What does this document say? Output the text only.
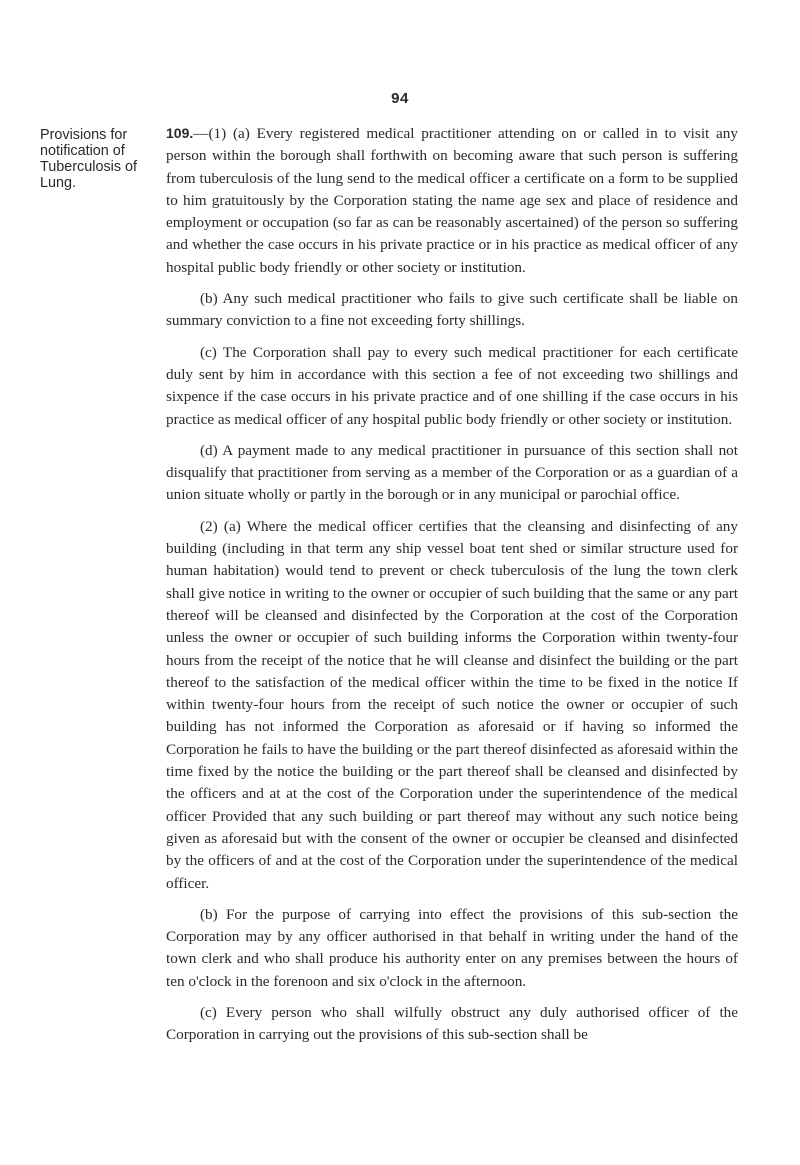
94
Provisions for notification of Tuberculosis of Lung.

109.—(1) (a) Every registered medical practitioner attending on or called in to visit any person within the borough shall forthwith on becoming aware that such person is suffering from tuberculosis of the lung send to the medical officer a certificate on a form to be supplied to him gratuitously by the Corporation stating the name age sex and place of residence and employment or occupation (so far as can be reasonably ascertained) of the person so suffering and whether the case occurs in his private practice or in his practice as medical officer of any hospital public body friendly or other society or institution.

(b) Any such medical practitioner who fails to give such certificate shall be liable on summary conviction to a fine not exceeding forty shillings.

(c) The Corporation shall pay to every such medical practitioner for each certificate duly sent by him in accordance with this section a fee of not exceeding two shillings and sixpence if the case occurs in his private practice and of one shilling if the case occurs in his practice as medical officer of any hospital public body friendly or other society or institution.

(d) A payment made to any medical practitioner in pursuance of this section shall not disqualify that practitioner from serving as a member of the Corporation or as a guardian of a union situate wholly or partly in the borough or in any municipal or parochial office.

(2) (a) Where the medical officer certifies that the cleansing and disinfecting of any building (including in that term any ship vessel boat tent shed or similar structure used for human habitation) would tend to prevent or check tuberculosis of the lung the town clerk shall give notice in writing to the owner or occupier of such building that the same or any part thereof will be cleansed and disinfected by the Corporation at the cost of the Corporation unless the owner or occupier of such building informs the Corporation within twenty-four hours from the receipt of the notice that he will cleanse and disinfect the building or the part thereof to the satisfaction of the medical officer within the time to be fixed in the notice If within twenty-four hours from the receipt of such notice the owner or occupier of such building has not informed the Corporation as aforesaid or if having so informed the Corporation he fails to have the building or the part thereof disinfected as aforesaid within the time fixed by the notice the building or the part thereof shall be cleansed and disinfected by the officers and at at the cost of the Corporation under the superintendence of the medical officer Provided that any such building or part thereof may without any such notice being given as aforesaid but with the consent of the owner or occupier be cleansed and disinfected by the officers of and at the cost of the Corporation under the superintendence of the medical officer.

(b) For the purpose of carrying into effect the provisions of this sub-section the Corporation may by any officer authorised in that behalf in writing under the hand of the town clerk and who shall produce his authority enter on any premises between the hours of ten o'clock in the forenoon and six o'clock in the afternoon.

(c) Every person who shall wilfully obstruct any duly authorised officer of the Corporation in carrying out the provisions of this sub-section shall be
